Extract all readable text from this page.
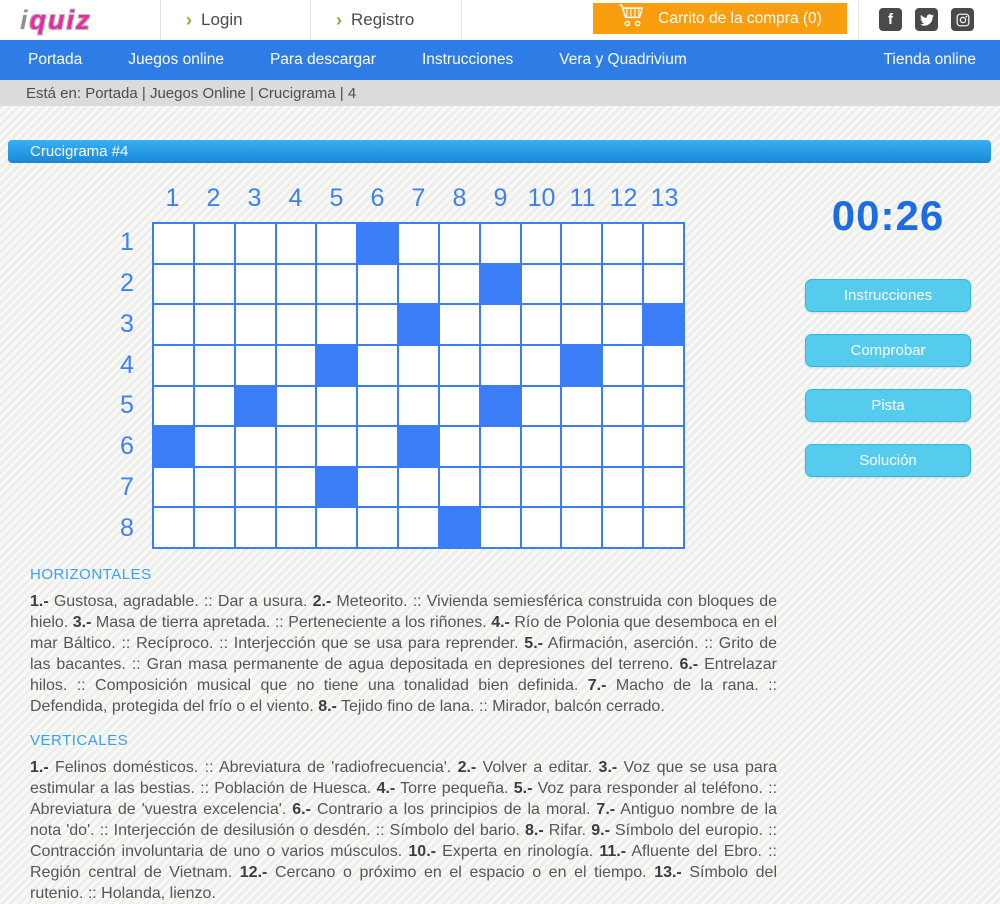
iquiz	› Login	› Registro	Carrito de la compra (0)	f
Portada	Juegos online	Para descargar	Instrucciones	Vera y Quadrivium	Tienda online
Está en: Portada | Juegos Online | Crucigrama | 4
Crucigrama #4
1	2	3	4	5	6	7	8	9 10 11 12 13
1
2
3
4
5
6
7
8
00:26
Instrucciones
Comprobar
Pista
Solución
HORIZONTALES

1.- Gustosa, agradable. :: Dar a usura. 2.- Meteorito. :: Vivienda semiesférica construida con bloques de hielo. 3.- Masa de tierra apretada. :: Perteneciente a los riñones. 4.- Río de Polonia que desemboca en el mar Báltico. :: Recíproco. :: Interjección que se usa para reprender. 5.- Afirmación, aserción. :: Grito de las bacantes. :: Gran masa permanente de agua depositada en depresiones del terreno. 6.- Entrelazar hilos. :: Composición musical que no tiene una tonalidad bien definida. 7.- Macho de la rana. :: Defendida, protegida del frío o el viento. 8.- Tejido fino de lana. :: Mirador, balcón cerrado.

VERTICALES

1.- Felinos domésticos. :: Abreviatura de 'radiofrecuencia'. 2.- Volver a editar. 3.- Voz que se usa para estimular a las bestias. :: Población de Huesca. 4.- Torre pequeña. 5.- Voz para responder al teléfono. :: Abreviatura de 'vuestra excelencia'. 6.- Contrario a los principios de la moral. 7.- Antiguo nombre de la nota 'do'. :: Interjección de desilusión o desdén. :: Símbolo del bario. 8.- Rifar. 9.- Símbolo del europio. :: Contracción involuntaria de uno o varios músculos. 10.- Experta en rinología. 11.- Afluente del Ebro. :: Región central de Vietnam. 12.- Cercano o próximo en el espacio o en el tiempo. 13.- Símbolo del rutenio. :: Holanda, lienzo.
